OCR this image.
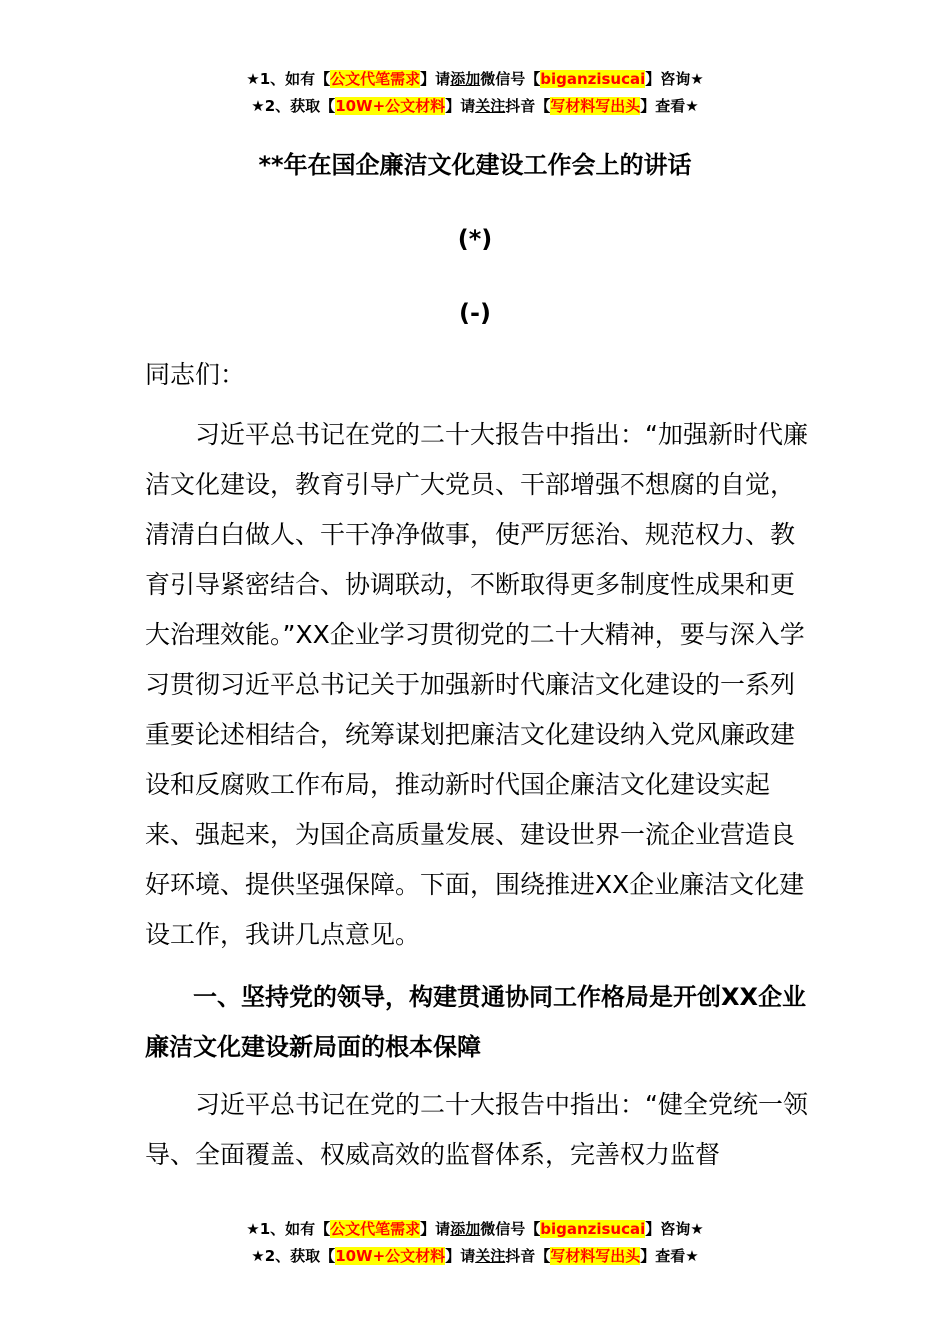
★1、如有【公文代笔需求】请添加微信号【biganzisucai】咨询★
★2、获取【10W+公文材料】请关注抖音【写材料写出头】查看★
**年在国企廉洁文化建设工作会上的讲话
(*)
(-)

同志们：

习近平总书记在党的二十大报告中指出：“加强新时代廉洁文化建设，教育引导广大党员、干部增强不想腐的自觉，清清白白做人、干干净净做事，使严厉惩治、规范权力、教育引导紧密结合、协调联动，不断取得更多制度性成果和更大治理效能。”XX企业学习贯彻党的二十大精神，要与深入学习贯彻习近平总书记关于加强新时代廉洁文化建设的一系列重要论述相结合，统筹谋划把廉洁文化建设纳入党风廉政建设和反腐败工作布局，推动新时代国企廉洁文化建设实起来、强起来，为国企高质量发展、建设世界一流企业营造良好环境、提供坚强保障。下面，围绕推进XX企业廉洁文化建设工作，我讲几点意见。

一、坚持党的领导，构建贯通协同工作格局是开创XX企业廉洁文化建设新局面的根本保障

习近平总书记在党的二十大报告中指出：“健全党统一领导、全面覆盖、权威高效的监督体系，完善权力监督

★1、如有【公文代笔需求】请添加微信号【biganzisucai】咨询★
★2、获取【10W+公文材料】请关注抖音【写材料写出头】查看★
